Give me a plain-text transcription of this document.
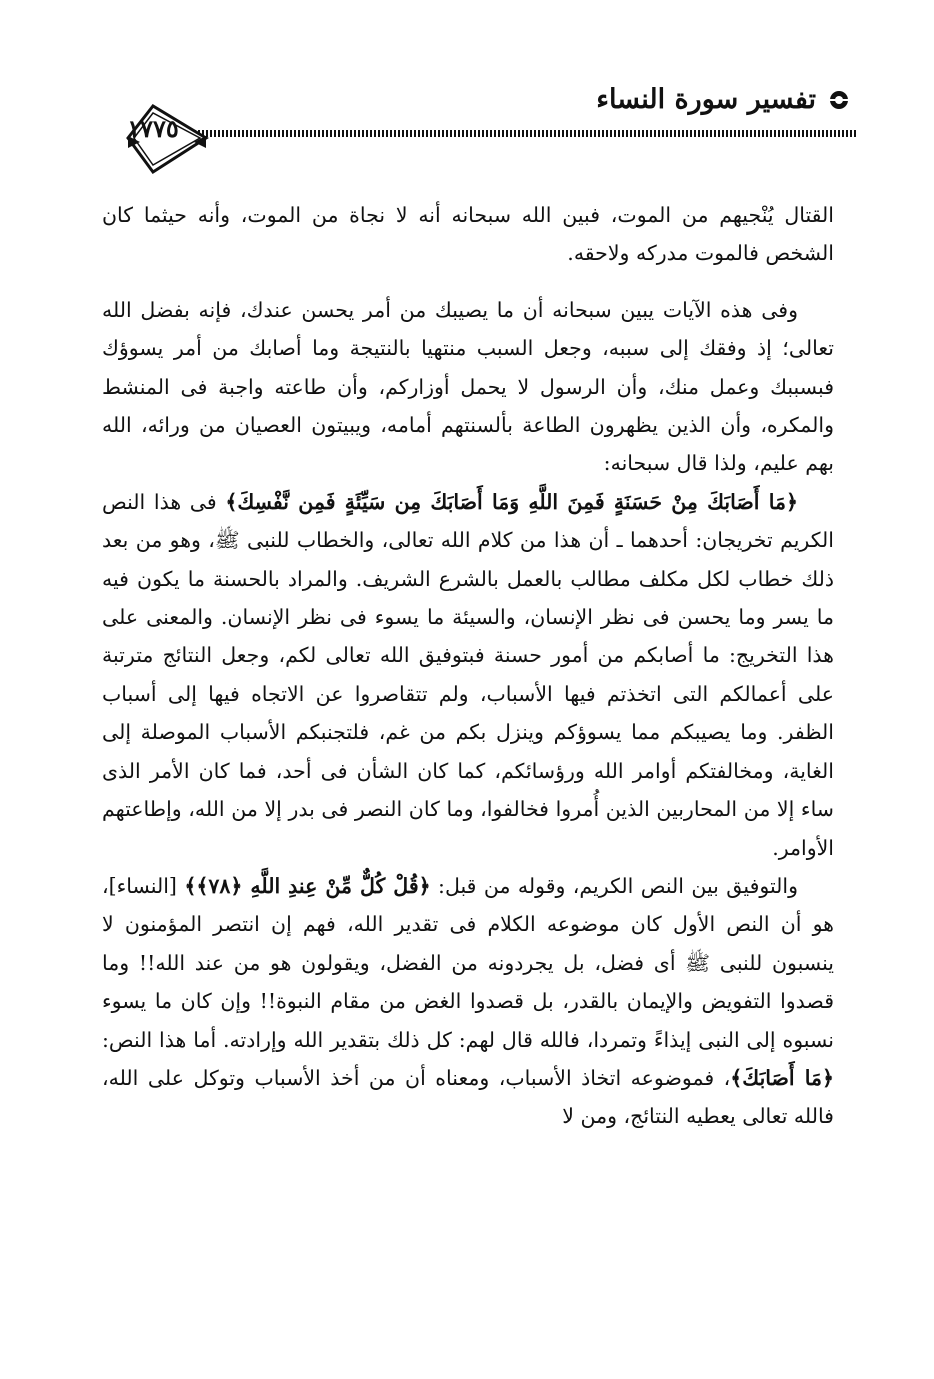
تفسير سورة النساء
١٧٧٥

القتال يُنْجيهم من الموت، فبين الله سبحانه أنه لا نجاة من الموت، وأنه حيثما كان الشخص فالموت مدركه ولاحقه.

وفى هذه الآيات يبين سبحانه أن ما يصيبك من أمر يحسن عندك، فإنه بفضل الله تعالى؛ إذ وفقك إلى سببه، وجعل السبب منتهيا بالنتيجة وما أصابك من أمر يسوؤك فبسببك وعمل منك، وأن الرسول لا يحمل أوزاركم، وأن طاعته واجبة فى المنشط والمكره، وأن الذين يظهرون الطاعة بألسنتهم أمامه، ويبيتون العصيان من ورائه، الله بهم عليم، ولذا قال سبحانه:

﴿مَا أَصَابَكَ مِنْ حَسَنَةٍ فَمِنَ اللَّهِ وَمَا أَصَابَكَ مِن سَيِّئَةٍ فَمِن نَّفْسِكَ﴾ فى هذا النص الكريم تخريجان: أحدهما ـ أن هذا من كلام الله تعالى، والخطاب للنبى ﷺ، وهو من بعد ذلك خطاب لكل مكلف مطالب بالعمل بالشرع الشريف. والمراد بالحسنة ما يكون فيه ما يسر وما يحسن فى نظر الإنسان، والسيئة ما يسوء فى نظر الإنسان. والمعنى على هذا التخريج: ما أصابكم من أمور حسنة فبتوفيق الله تعالى لكم، وجعل النتائج مترتبة على أعمالكم التى اتخذتم فيها الأسباب، ولم تتقاصروا عن الاتجاه فيها إلى أسباب الظفر. وما يصيبكم مما يسوؤكم وينزل بكم من غم، فلتجنبكم الأسباب الموصلة إلى الغاية، ومخالفتكم أوامر الله ورؤسائكم، كما كان الشأن فى أحد، فما كان الأمر الذى ساء إلا من المحاربين الذين أُمروا فخالفوا، وما كان النصر فى بدر إلا من الله، وإطاعتهم الأوامر.

والتوفيق بين النص الكريم، وقوله من قبل: ﴿قُلْ كُلٌّ مِّنْ عِندِ اللَّهِ ﴿٧٨﴾﴾ [النساء]، هو أن النص الأول كان موضوعه الكلام فى تقدير الله، فهم إن انتصر المؤمنون لا ينسبون للنبى ﷺ أى فضل، بل يجردونه من الفضل، ويقولون هو من عند الله!! وما قصدوا التفويض والإيمان بالقدر، بل قصدوا الغض من مقام النبوة!! وإن كان ما يسوء نسبوه إلى النبى إيذاءً وتمردا، فالله قال لهم: كل ذلك بتقدير الله وإرادته. أما هذا النص: ﴿مَا أَصَابَكَ﴾، فموضوعه اتخاذ الأسباب، ومعناه أن من أخذ الأسباب وتوكل على الله، فالله تعالى يعطيه النتائج، ومن لا
